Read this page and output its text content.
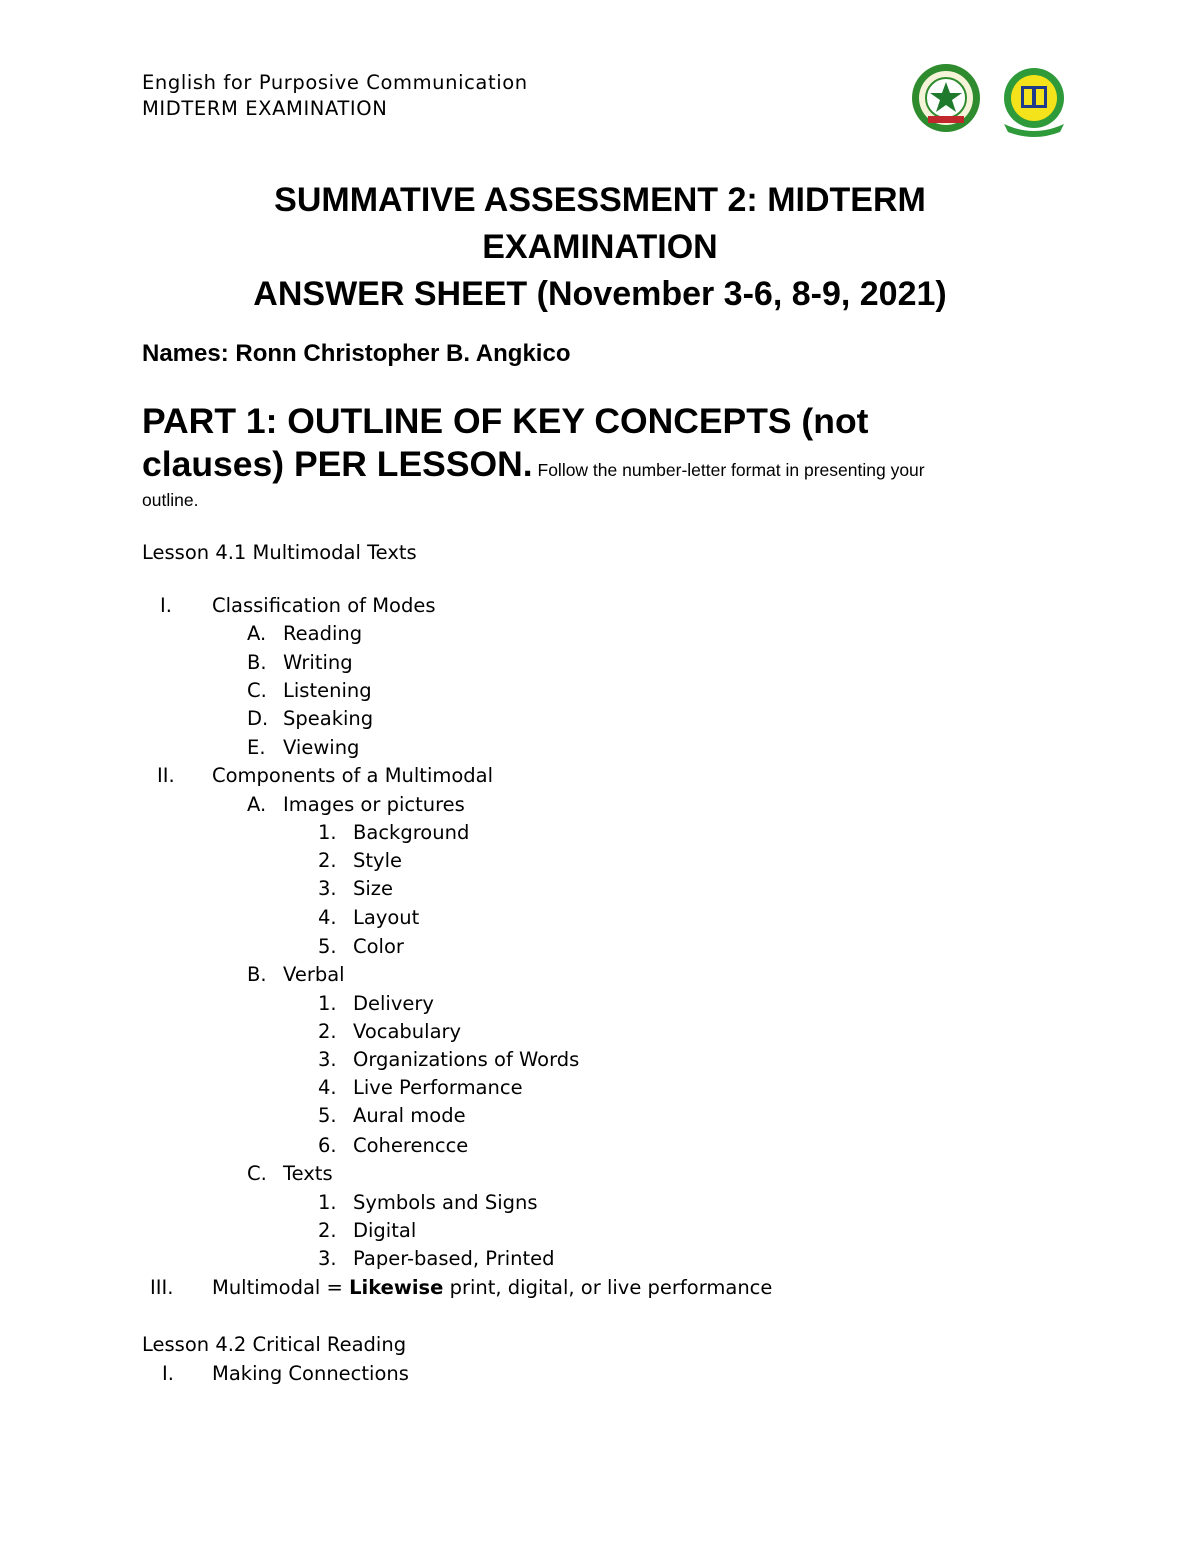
English for Purposive Communication
MIDTERM EXAMINATION
SUMMATIVE ASSESSMENT 2: MIDTERM
EXAMINATION
ANSWER SHEET (November 3-6, 8-9, 2021)
Names: Ronn Christopher B. Angkico
PART 1: OUTLINE OF KEY CONCEPTS (not
clauses) PER LESSON. Follow the number-letter format in presenting your
outline.
Lesson 4.1 Multimodal Texts
I. Classification of Modes
A. Reading
B. Writing
C. Listening
D. Speaking
E. Viewing
II. Components of a Multimodal
A. Images or pictures
1. Background
2. Style
3. Size
4. Layout
5. Color
B. Verbal
1. Delivery
2. Vocabulary
3. Organizations of Words
4. Live Performance
5. Aural mode
6. Coherencce
C. Texts
1. Symbols and Signs
2. Digital
3. Paper-based, Printed
III. Multimodal = Likewise print, digital, or live performance
Lesson 4.2 Critical Reading
I. Making Connections
